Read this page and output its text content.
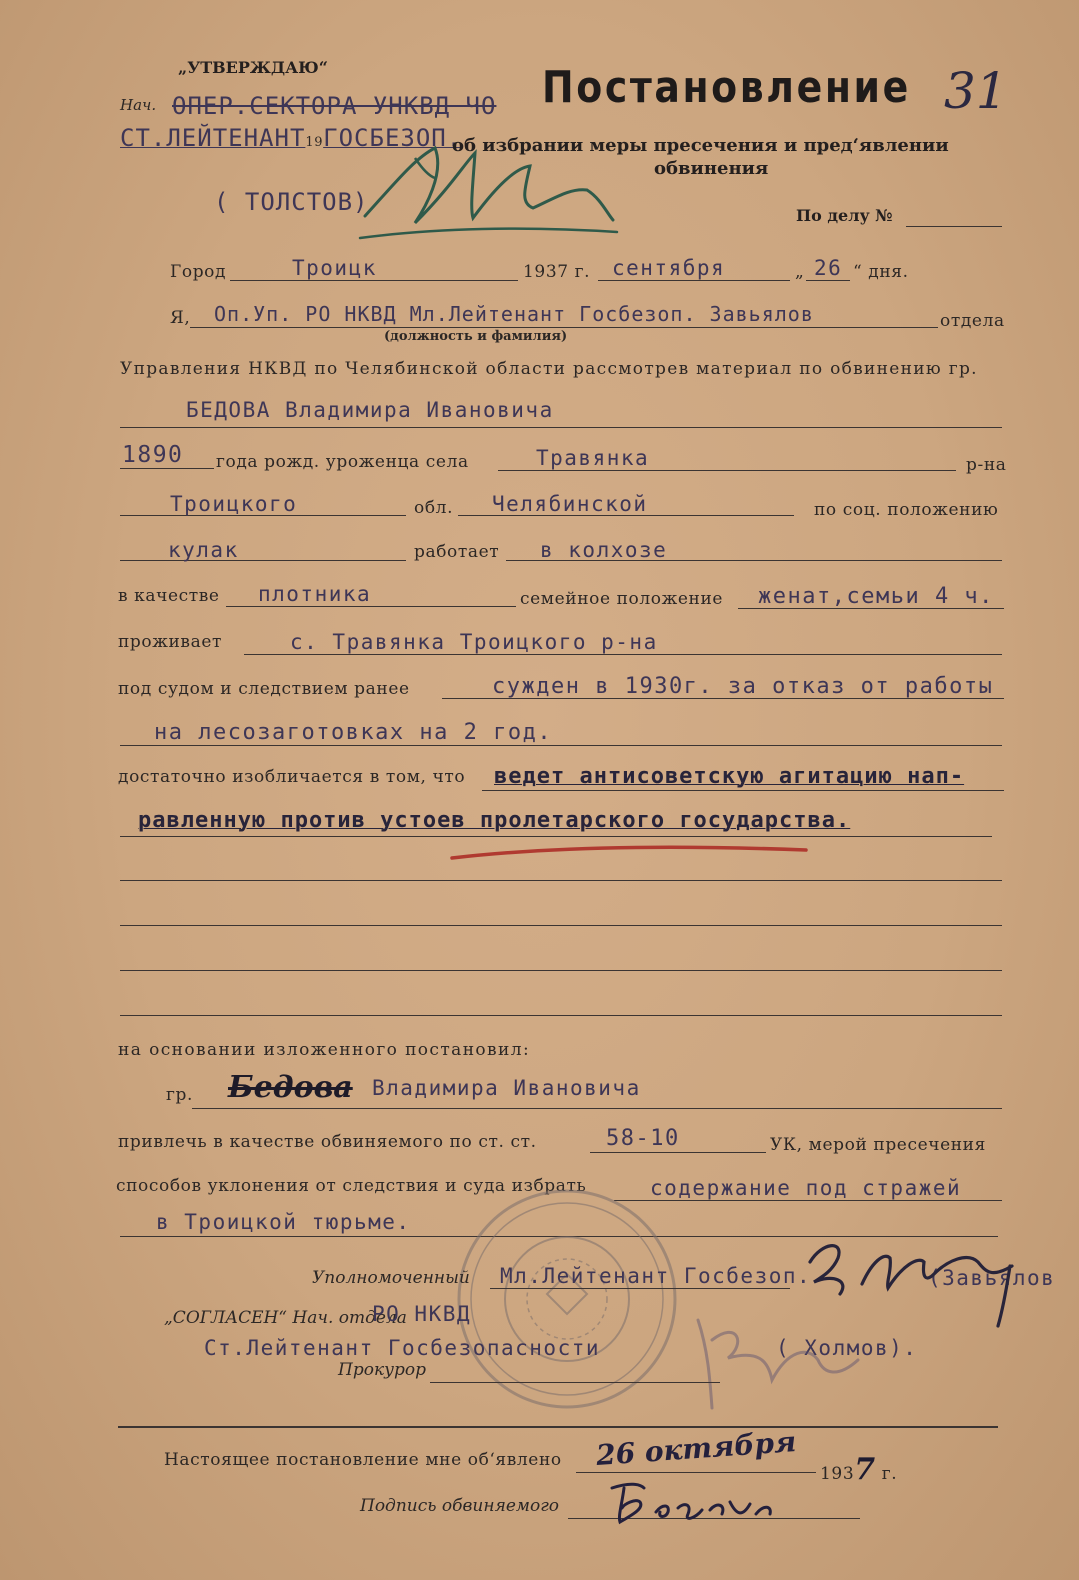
„УТВЕРЖДАЮ“
Нач. ОПЕР.СЕКТОРА УНКВД ЧО
СТ.ЛЕЙТЕНАНТ19ГОСБЕЗОП.
( ТОЛСТОВ)
Постановление 31
об избрании меры пресечения и пред‘явлении
обвинения
По делу №
Город	Троицк	1937 г. сентября	„ 26 “ дня.
Я, Оп.Уп. РО НКВД Мл.Лейтенант Госбезоп. Завьялов
(должность и фамилия)
отдела
Управления НКВД по Челябинской области рассмотрев материал по обвинению гр.
БЕДОВА Владимира Ивановича
1890 года рожд. уроженца села	Травянка	р-на
Троицкого	обл. Челябинской	по соц. положению
кулак	работает в колхозе
в качестве плотника	семейное положение женат,семьи 4 ч.
проживает	с. Травянка Троицкого р-на
под судом и следствием ранее	сужден в 1930г. за отказ от работы
на лесозаготовках на 2 год.
достаточно изобличается в том, что ведет антисоветскую агитацию нап-
равленную против устоев пролетарского государства.
на основании изложенного постановил:
гр. Бедова Владимира Ивановича
привлечь в качестве обвиняемого по ст. ст.	58-10	УК, мерой пресечения
способов уклонения от следствия и суда избрать	содержание под стражей
в Троицкой тюрьме.
Уполномоченный Мл.Лейтенант Госбезоп.	(Завьялов
„СОГЛАСЕН“ Нач. отдела
РО НКВД
Ст.Лейтенант Госбезопасности	( Холмов).
Прокурор
Настоящее постановление мне об‘явлено 26 октября
1937 г.
Подпись обвиняемого
